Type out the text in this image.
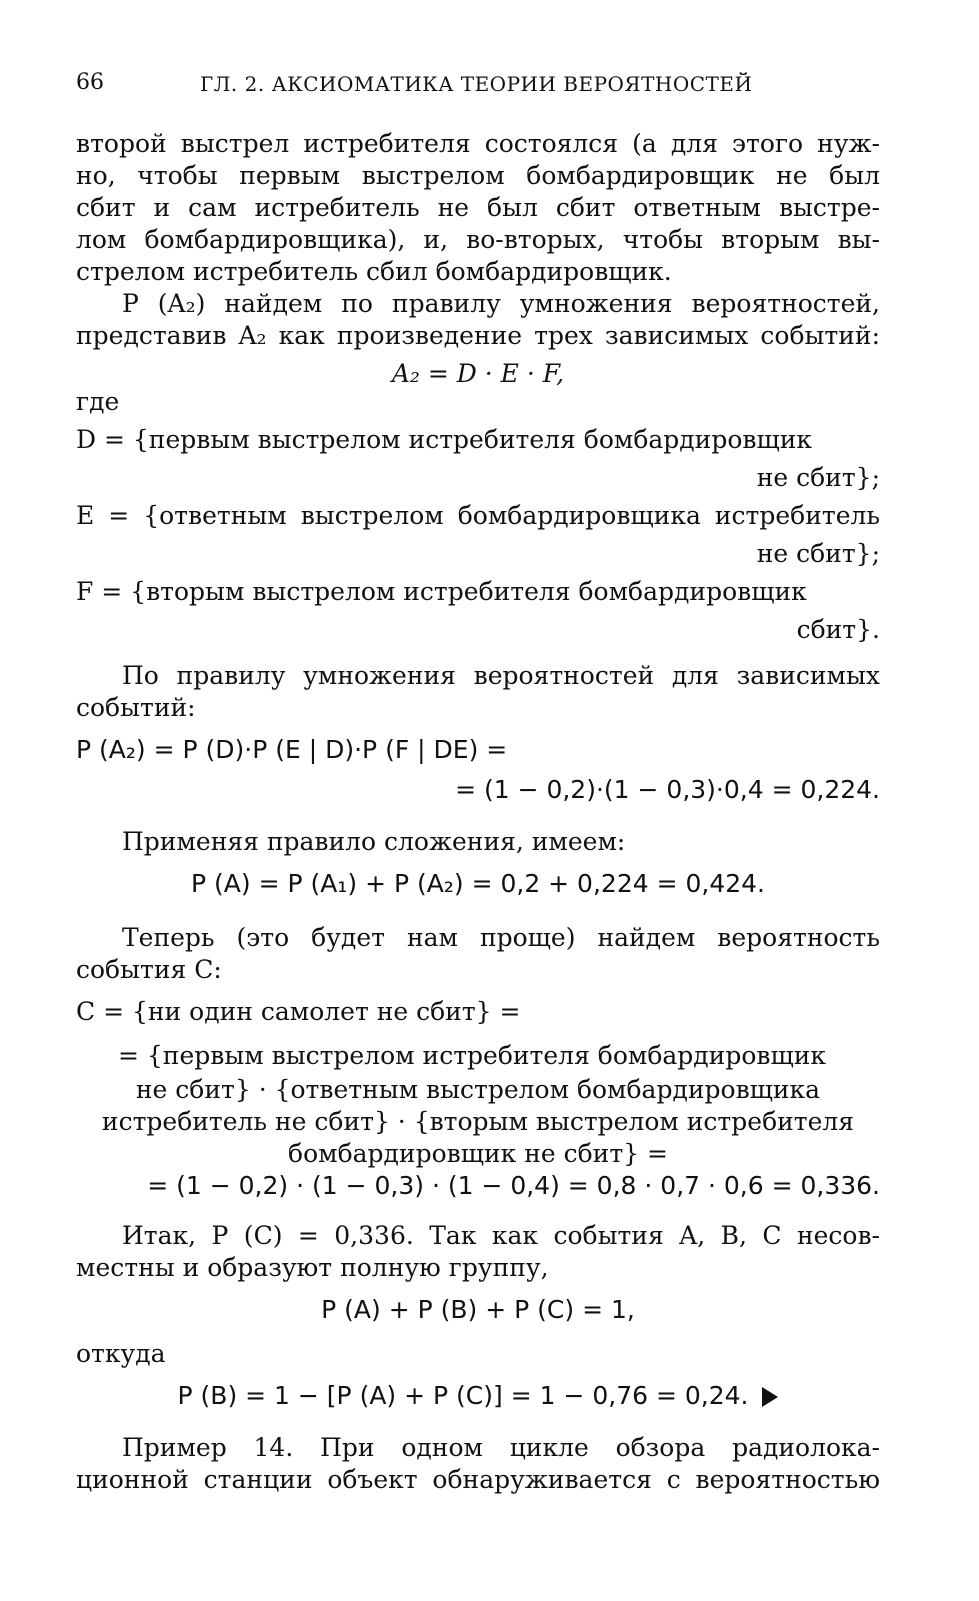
66	ГЛ. 2. АКСИОМАТИКА ТЕОРИИ ВЕРОЯТНОСТЕЙ
второй выстрел истребителя состоялся (а для этого нуж-
но, чтобы первым выстрелом бомбардировщик не был
сбит и сам истребитель не был сбит ответным выстре-
лом бомбардировщика), и, во-вторых, чтобы вторым вы-
стрелом истребитель сбил бомбардировщик.
P (A₂) найдем по правилу умножения вероятностей,
представив A₂ как произведение трех зависимых событий:
A₂ = D · E · F,
где
D = {первым выстрелом истребителя бомбардировщик
не сбит};
E = {ответным выстрелом бомбардировщика истребитель
не сбит};
F = {вторым выстрелом истребителя бомбардировщик
сбит}.
По правилу умножения вероятностей для зависимых
событий:
P (A₂) = P (D)·P (E | D)·P (F | DE) =
= (1 − 0,2)·(1 − 0,3)·0,4 = 0,224.
Применяя правило сложения, имеем:
P (A) = P (A₁) + P (A₂) = 0,2 + 0,224 = 0,424.
Теперь (это будет нам проще) найдем вероятность
события C:
C = {ни один самолет не сбит} =
= {первым выстрелом истребителя бомбардировщик
не сбит} · {ответным выстрелом бомбардировщика
истребитель не сбит} · {вторым выстрелом истребителя
бомбардировщик не сбит} =
= (1 − 0,2) · (1 − 0,3) · (1 − 0,4) = 0,8 · 0,7 · 0,6 = 0,336.
Итак, P (C) = 0,336. Так как события A, B, C несов-
местны и образуют полную группу,
P (A) + P (B) + P (C) = 1,
откуда
P (B) = 1 − [P (A) + P (C)] = 1 − 0,76 = 0,24.
Пример 14. При одном цикле обзора радиолока-
ционной станции объект обнаруживается с вероятностью
